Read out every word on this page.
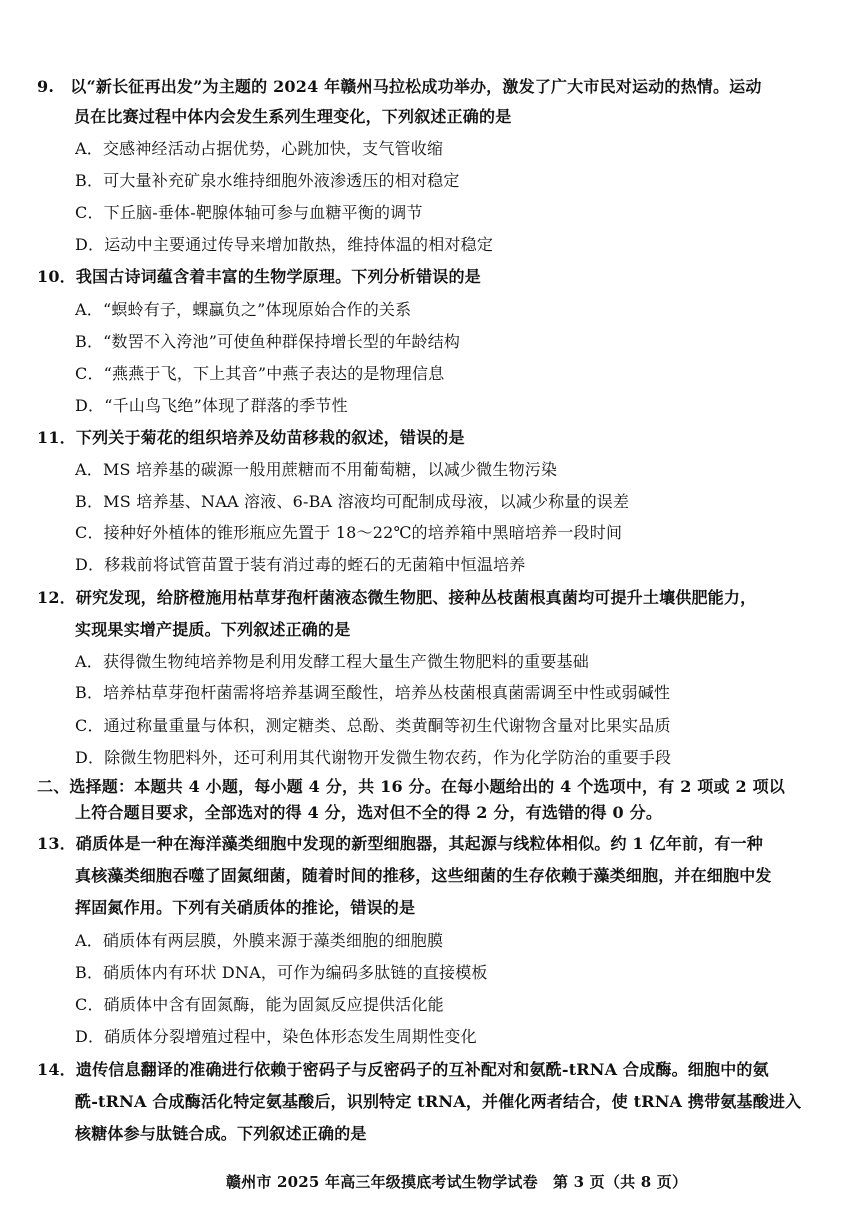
9.　以“新长征再出发”为主题的 2024 年赣州马拉松成功举办，激发了广大市民对运动的热情。运动
员在比赛过程中体内会发生系列生理变化，下列叙述正确的是
A．交感神经活动占据优势，心跳加快，支气管收缩
B．可大量补充矿泉水维持细胞外液渗透压的相对稳定
C．下丘脑-垂体-靶腺体轴可参与血糖平衡的调节
D．运动中主要通过传导来增加散热，维持体温的相对稳定
10．我国古诗词蕴含着丰富的生物学原理。下列分析错误的是
A．“螟蛉有子，蜾蠃负之”体现原始合作的关系
B．“数罟不入洿池”可使鱼种群保持增长型的年龄结构
C．“燕燕于飞，下上其音”中燕子表达的是物理信息
D．“千山鸟飞绝”体现了群落的季节性
11．下列关于菊花的组织培养及幼苗移栽的叙述，错误的是
A．MS 培养基的碳源一般用蔗糖而不用葡萄糖，以减少微生物污染
B．MS 培养基、NAA 溶液、6-BA 溶液均可配制成母液，以减少称量的误差
C．接种好外植体的锥形瓶应先置于 18～22℃的培养箱中黑暗培养一段时间
D．移栽前将试管苗置于装有消过毒的蛭石的无菌箱中恒温培养
12．研究发现，给脐橙施用枯草芽孢杆菌液态微生物肥、接种丛枝菌根真菌均可提升土壤供肥能力，
实现果实增产提质。下列叙述正确的是
A．获得微生物纯培养物是利用发酵工程大量生产微生物肥料的重要基础
B．培养枯草芽孢杆菌需将培养基调至酸性，培养丛枝菌根真菌需调至中性或弱碱性
C．通过称量重量与体积，测定糖类、总酚、类黄酮等初生代谢物含量对比果实品质
D．除微生物肥料外，还可利用其代谢物开发微生物农药，作为化学防治的重要手段
二、选择题：本题共 4 小题，每小题 4 分，共 16 分。在每小题给出的 4 个选项中，有 2 项或 2 项以
上符合题目要求，全部选对的得 4 分，选对但不全的得 2 分，有选错的得 0 分。
13．硝质体是一种在海洋藻类细胞中发现的新型细胞器，其起源与线粒体相似。约 1 亿年前，有一种
真核藻类细胞吞噬了固氮细菌，随着时间的推移，这些细菌的生存依赖于藻类细胞，并在细胞中发
挥固氮作用。下列有关硝质体的推论，错误的是
A．硝质体有两层膜，外膜来源于藻类细胞的细胞膜
B．硝质体内有环状 DNA，可作为编码多肽链的直接模板
C．硝质体中含有固氮酶，能为固氮反应提供活化能
D．硝质体分裂增殖过程中，染色体形态发生周期性变化
14．遗传信息翻译的准确进行依赖于密码子与反密码子的互补配对和氨酰-tRNA 合成酶。细胞中的氨
酰-tRNA 合成酶活化特定氨基酸后，识别特定 tRNA，并催化两者结合，使 tRNA 携带氨基酸进入
核糖体参与肽链合成。下列叙述正确的是
赣州市 2025 年高三年级摸底考试生物学试卷　第 3 页（共 8 页）
